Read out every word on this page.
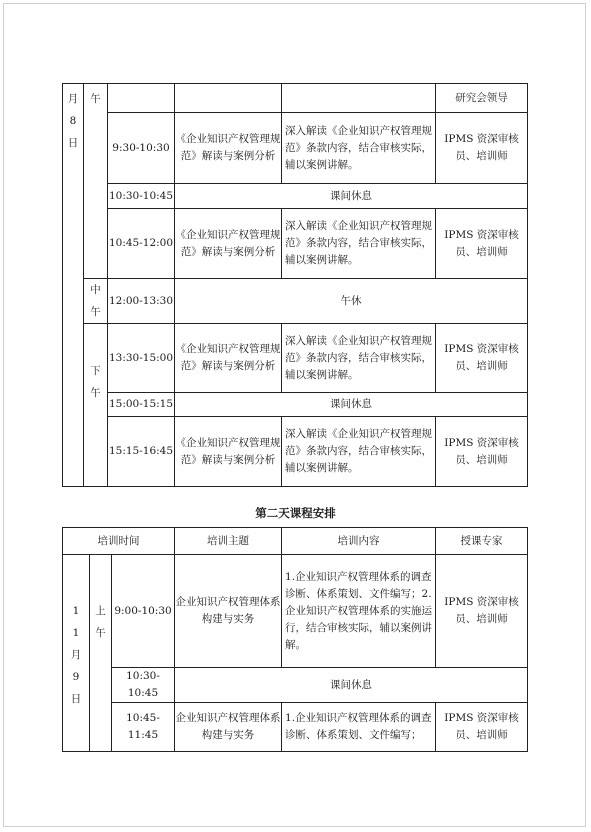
月
8
日	午				研究会领导
		9:30-10:30	《企业知识产权管理规范》解读与案例分析	深入解读《企业知识产权管理规范》条款内容，结合审核实际，辅以案例讲解。	IPMS 资深审核员、培训师
		10:30-10:45	课间休息		
		10:45-12:00	《企业知识产权管理规范》解读与案例分析	深入解读《企业知识产权管理规范》条款内容，结合审核实际，辅以案例讲解。	IPMS 资深审核员、培训师
	中午	12:00-13:30	午休		
	下午	13:30-15:00	《企业知识产权管理规范》解读与案例分析	深入解读《企业知识产权管理规范》条款内容，结合审核实际，辅以案例讲解。	IPMS 资深审核员、培训师
		15:00-15:15	课间休息		
		15:15-16:45	《企业知识产权管理规范》解读与案例分析	深入解读《企业知识产权管理规范》条款内容，结合审核实际，辅以案例讲解。	IPMS 资深审核员、培训师
第二天课程安排
培训时间			培训主题	培训内容	授课专家
11
月
9
日	上午	9:00-10:30	企业知识产权管理体系构建与实务	1.企业知识产权管理体系的调查诊断、体系策划、文件编写；2.企业知识产权管理体系的实施运行，结合审核实际，辅以案例讲解。	IPMS 资深审核员、培训师
		10:30-10:45	课间休息		
		10:45-11:45	企业知识产权管理体系构建与实务	1.企业知识产权管理体系的调查诊断、体系策划、文件编写；	IPMS 资深审核员、培训师
